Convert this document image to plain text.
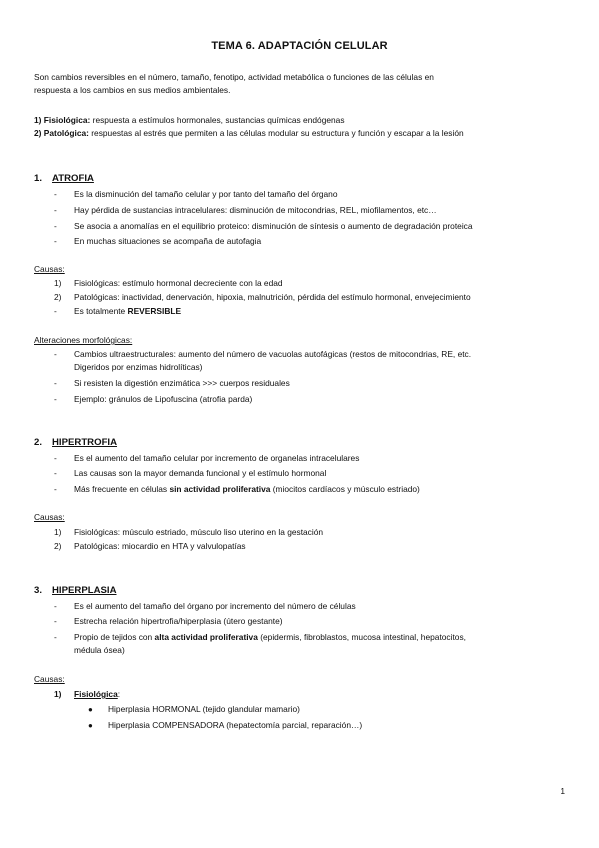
TEMA 6. ADAPTACIÓN CELULAR
Son cambios reversibles en el número, tamaño, fenotipo, actividad metabólica o funciones de las células en
respuesta a los cambios en sus medios ambientales.
1) Fisiológica: respuesta a estímulos hormonales, sustancias químicas endógenas
2) Patológica: respuestas al estrés que permiten a las células modular su estructura y función y escapar a la lesión
1. ATROFIA
- Es la disminución del tamaño celular y por tanto del tamaño del órgano
- Hay pérdida de sustancias intracelulares: disminución de mitocondrias, REL, miofilamentos, etc…
- Se asocia a anomalías en el equilibrio proteico: disminución de síntesis o aumento de degradación proteica
- En muchas situaciones se acompaña de autofagia
Causas:
1) Fisiológicas: estímulo hormonal decreciente con la edad
2) Patológicas: inactividad, denervación, hipoxia, malnutrición, pérdida del estímulo hormonal, envejecimiento
- Es totalmente REVERSIBLE
Alteraciones morfológicas:
- Cambios ultraestructurales: aumento del número de vacuolas autofágicas (restos de mitocondrias, RE, etc.
Digeridos por enzimas hidrolíticas)
- Si resisten la digestión enzimática >>> cuerpos residuales
- Ejemplo: gránulos de Lipofuscina (atrofia parda)
2. HIPERTROFIA
- Es el aumento del tamaño celular por incremento de organelas intracelulares
- Las causas son la mayor demanda funcional y el estímulo hormonal
- Más frecuente en células sin actividad proliferativa (miocitos cardíacos y músculo estriado)
Causas:
1) Fisiológicas: músculo estriado, músculo liso uterino en la gestación
2) Patológicas: miocardio en HTA y valvulopatías
3. HIPERPLASIA
- Es el aumento del tamaño del órgano por incremento del número de células
- Estrecha relación hipertrofia/hiperplasia (útero gestante)
- Propio de tejidos con alta actividad proliferativa (epidermis, fibroblastos, mucosa intestinal, hepatocitos,
médula ósea)
Causas:
1) Fisiológica:
● Hiperplasia HORMONAL (tejido glandular mamario)
● Hiperplasia COMPENSADORA (hepatectomía parcial, reparación…)
1
